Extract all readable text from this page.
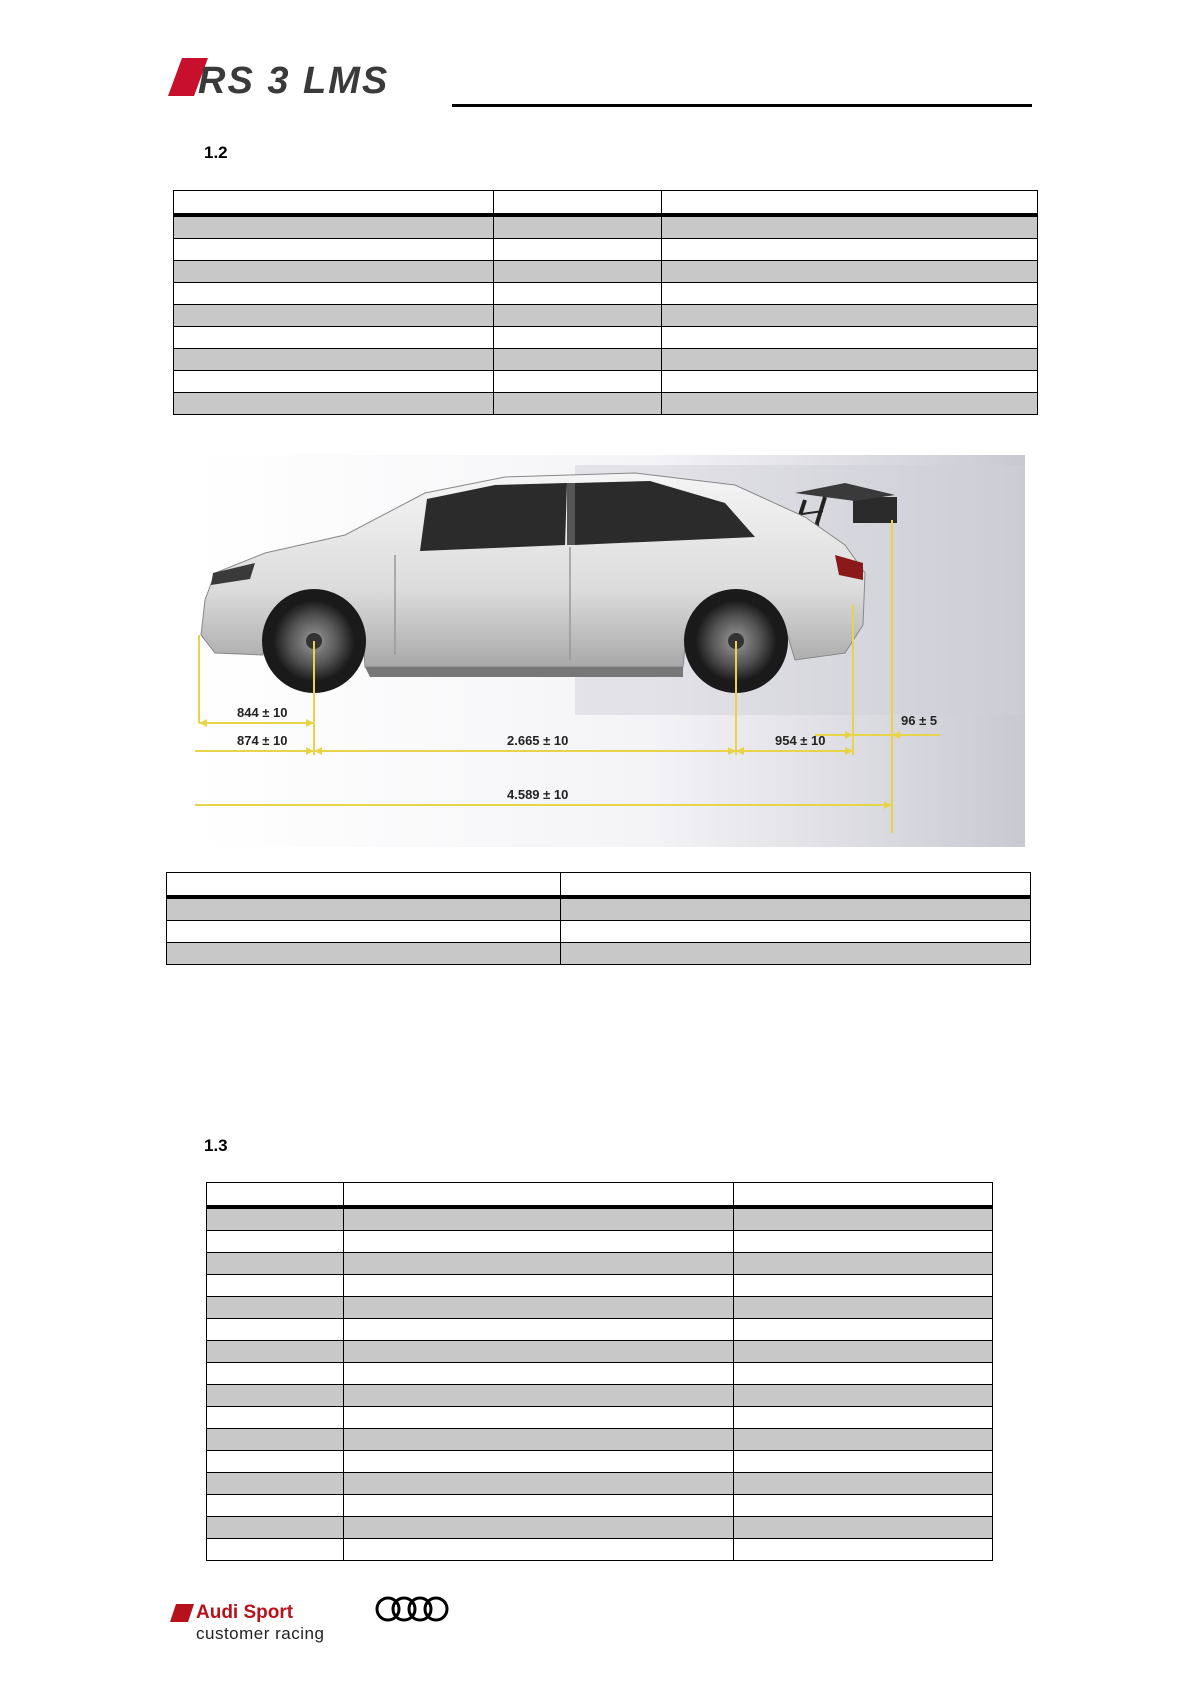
RS 3 LMS
1.2

844 ± 10
874 ± 10	2.665 ± 10	954 ± 10
96 ± 5
4.589 ± 10

1.3

Audi Sport
customer racing
